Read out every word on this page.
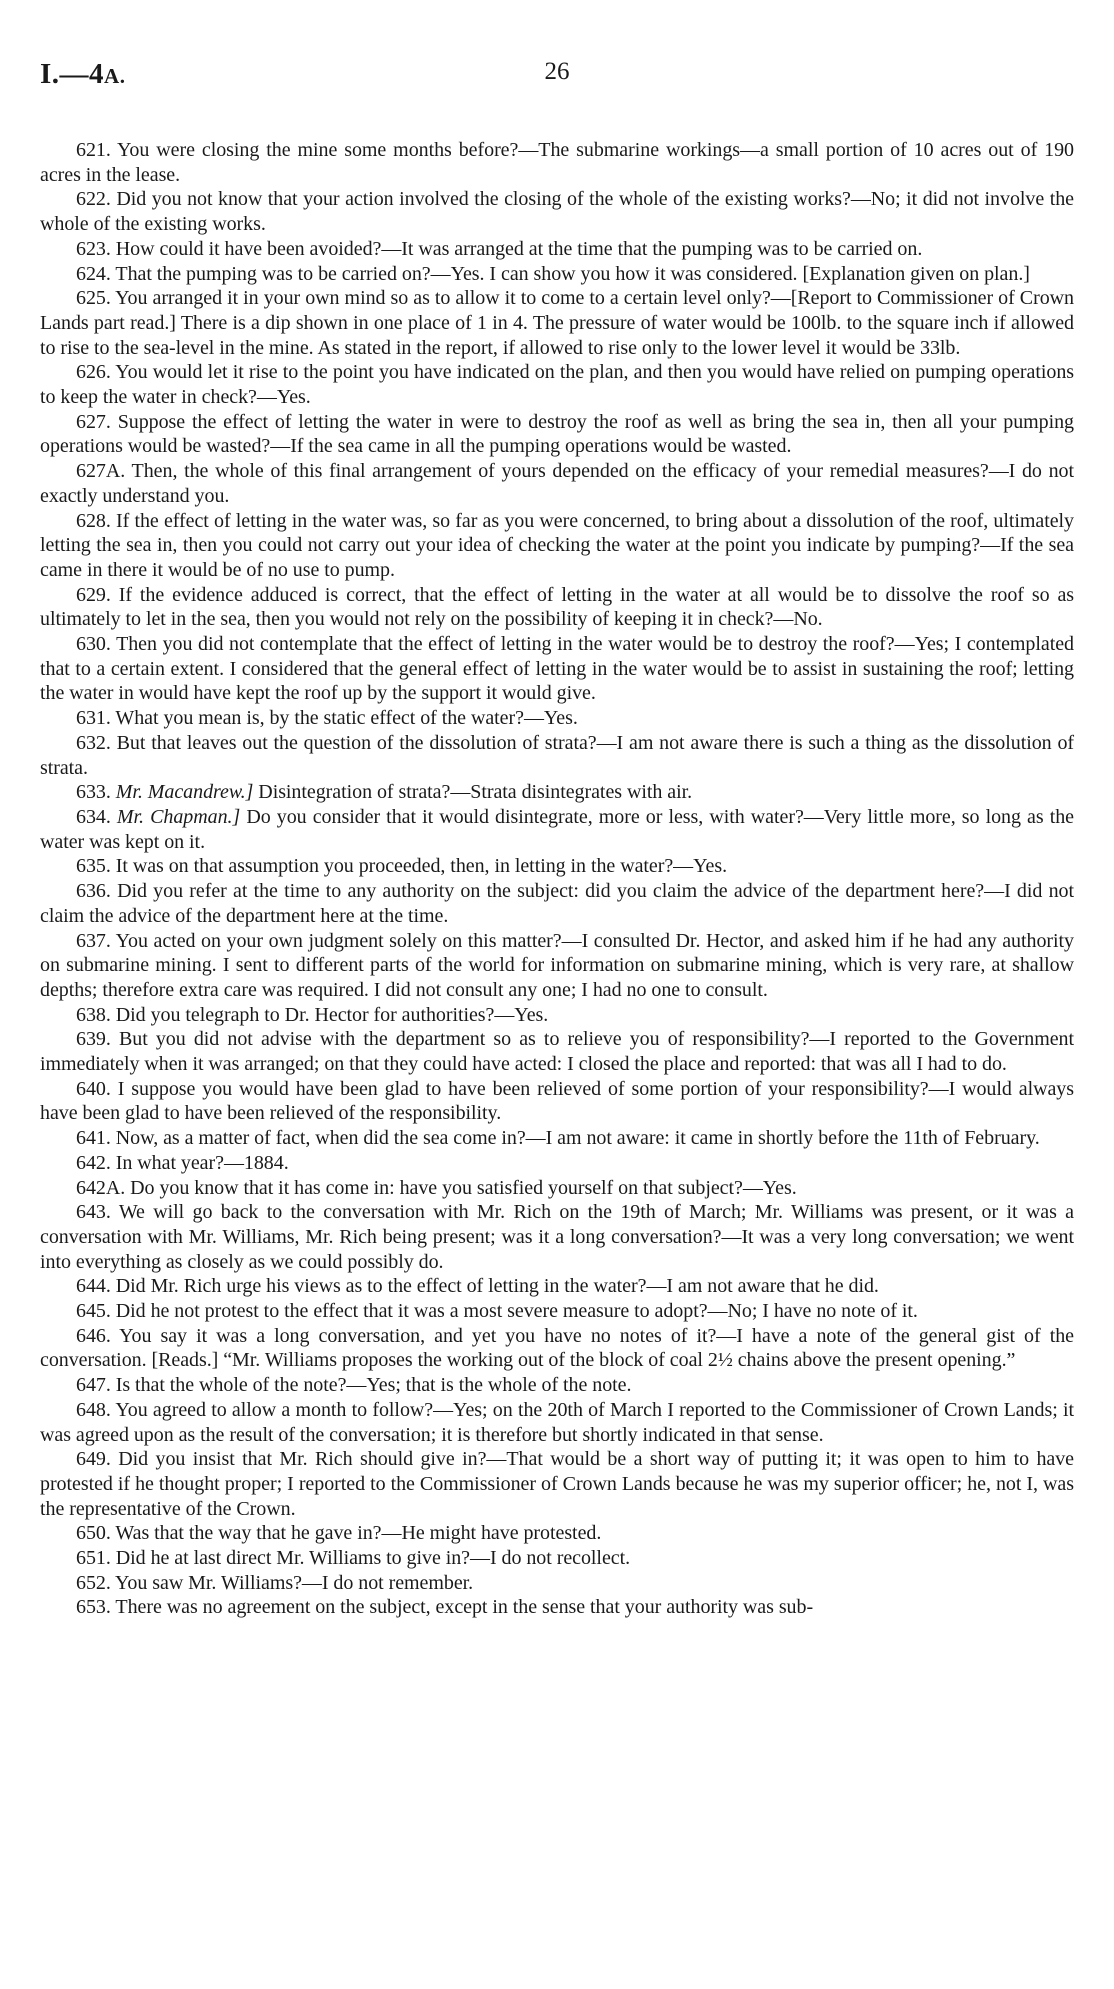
I.—4A.	26

621. You were closing the mine some months before?—The submarine workings—a small portion of 10 acres out of 190 acres in the lease.

622. Did you not know that your action involved the closing of the whole of the existing works?—No; it did not involve the whole of the existing works.

623. How could it have been avoided?—It was arranged at the time that the pumping was to be carried on.

624. That the pumping was to be carried on?—Yes. I can show you how it was considered. [Explanation given on plan.]

625. You arranged it in your own mind so as to allow it to come to a certain level only?—[Report to Commissioner of Crown Lands part read.] There is a dip shown in one place of 1 in 4. The pressure of water would be 100lb. to the square inch if allowed to rise to the sea-level in the mine. As stated in the report, if allowed to rise only to the lower level it would be 33lb.

626. You would let it rise to the point you have indicated on the plan, and then you would have relied on pumping operations to keep the water in check?—Yes.

627. Suppose the effect of letting the water in were to destroy the roof as well as bring the sea in, then all your pumping operations would be wasted?—If the sea came in all the pumping operations would be wasted.

627A. Then, the whole of this final arrangement of yours depended on the efficacy of your remedial measures?—I do not exactly understand you.

628. If the effect of letting in the water was, so far as you were concerned, to bring about a dissolution of the roof, ultimately letting the sea in, then you could not carry out your idea of checking the water at the point you indicate by pumping?—If the sea came in there it would be of no use to pump.

629. If the evidence adduced is correct, that the effect of letting in the water at all would be to dissolve the roof so as ultimately to let in the sea, then you would not rely on the possibility of keeping it in check?—No.

630. Then you did not contemplate that the effect of letting in the water would be to destroy the roof?—Yes; I contemplated that to a certain extent. I considered that the general effect of letting in the water would be to assist in sustaining the roof; letting the water in would have kept the roof up by the support it would give.

631. What you mean is, by the static effect of the water?—Yes.

632. But that leaves out the question of the dissolution of strata?—I am not aware there is such a thing as the dissolution of strata.

633. Mr. Macandrew.] Disintegration of strata?—Strata disintegrates with air.

634. Mr. Chapman.] Do you consider that it would disintegrate, more or less, with water?—Very little more, so long as the water was kept on it.

635. It was on that assumption you proceeded, then, in letting in the water?—Yes.

636. Did you refer at the time to any authority on the subject: did you claim the advice of the department here?—I did not claim the advice of the department here at the time.

637. You acted on your own judgment solely on this matter?—I consulted Dr. Hector, and asked him if he had any authority on submarine mining. I sent to different parts of the world for information on submarine mining, which is very rare, at shallow depths; therefore extra care was required. I did not consult any one; I had no one to consult.

638. Did you telegraph to Dr. Hector for authorities?—Yes.

639. But you did not advise with the department so as to relieve you of responsibility?—I reported to the Government immediately when it was arranged; on that they could have acted: I closed the place and reported: that was all I had to do.

640. I suppose you would have been glad to have been relieved of some portion of your responsibility?—I would always have been glad to have been relieved of the responsibility.

641. Now, as a matter of fact, when did the sea come in?—I am not aware: it came in shortly before the 11th of February.

642. In what year?—1884.

642A. Do you know that it has come in: have you satisfied yourself on that subject?—Yes.

643. We will go back to the conversation with Mr. Rich on the 19th of March; Mr. Williams was present, or it was a conversation with Mr. Williams, Mr. Rich being present; was it a long conversation?—It was a very long conversation; we went into everything as closely as we could possibly do.

644. Did Mr. Rich urge his views as to the effect of letting in the water?—I am not aware that he did.

645. Did he not protest to the effect that it was a most severe measure to adopt?—No; I have no note of it.

646. You say it was a long conversation, and yet you have no notes of it?—I have a note of the general gist of the conversation. [Reads.] “Mr. Williams proposes the working out of the block of coal 2½ chains above the present opening.”

647. Is that the whole of the note?—Yes; that is the whole of the note.

648. You agreed to allow a month to follow?—Yes; on the 20th of March I reported to the Commissioner of Crown Lands; it was agreed upon as the result of the conversation; it is therefore but shortly indicated in that sense.

649. Did you insist that Mr. Rich should give in?—That would be a short way of putting it; it was open to him to have protested if he thought proper; I reported to the Commissioner of Crown Lands because he was my superior officer; he, not I, was the representative of the Crown.

650. Was that the way that he gave in?—He might have protested.

651. Did he at last direct Mr. Williams to give in?—I do not recollect.

652. You saw Mr. Williams?—I do not remember.

653. There was no agreement on the subject, except in the sense that your authority was sub-
